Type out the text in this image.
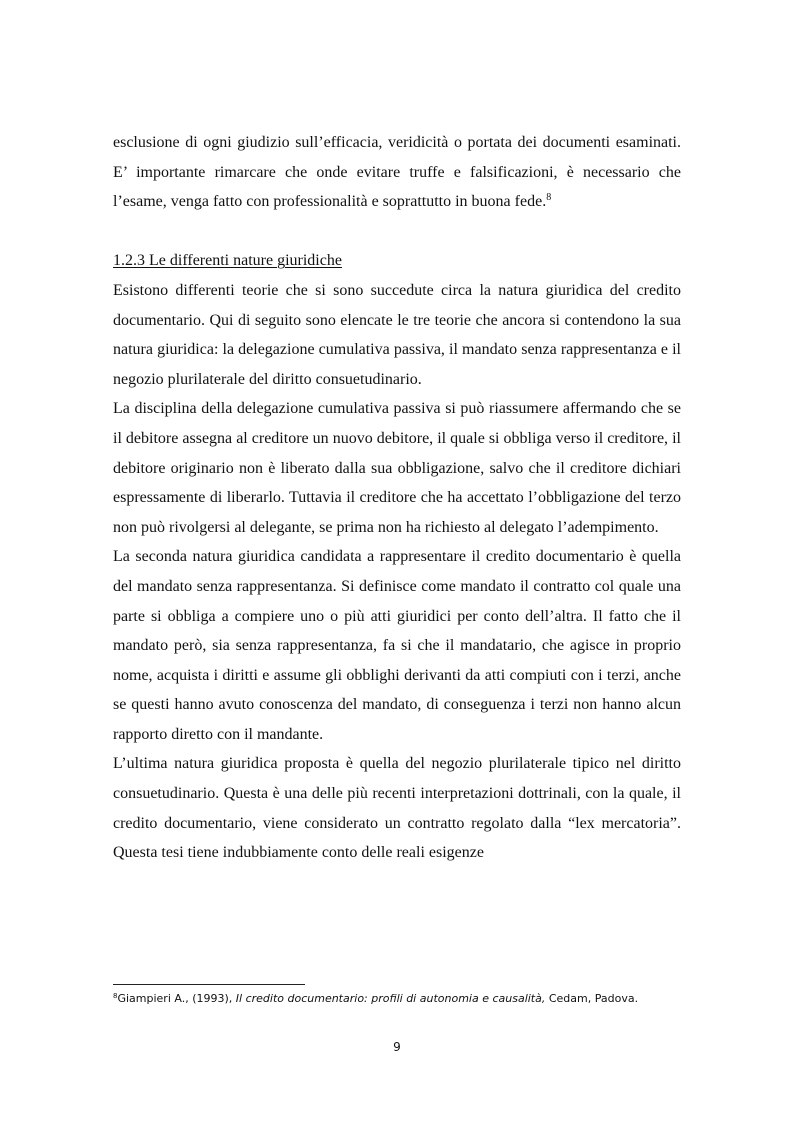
esclusione di ogni giudizio sull’efficacia, veridicità o portata dei documenti esaminati. E’ importante rimarcare che onde evitare truffe e falsificazioni, è necessario che l’esame, venga fatto con professionalità e soprattutto in buona fede.$^8$

1.2.3 Le differenti nature giuridiche

Esistono differenti teorie che si sono succedute circa la natura giuridica del credito documentario. Qui di seguito sono elencate le tre teorie che ancora si contendono la sua natura giuridica: la delegazione cumulativa passiva, il mandato senza rappresentanza e il negozio plurilaterale del diritto consuetudinario.

La disciplina della delegazione cumulativa passiva si può riassumere affermando che se il debitore assegna al creditore un nuovo debitore, il quale si obbliga verso il creditore, il debitore originario non è liberato dalla sua obbligazione, salvo che il creditore dichiari espressamente di liberarlo. Tuttavia il creditore che ha accettato l’obbligazione del terzo non può rivolgersi al delegante, se prima non ha richiesto al delegato l’adempimento.

La seconda natura giuridica candidata a rappresentare il credito documentario è quella del mandato senza rappresentanza. Si definisce come mandato il contratto col quale una parte si obbliga a compiere uno o più atti giuridici per conto dell’altra. Il fatto che il mandato però, sia senza rappresentanza, fa si che il mandatario, che agisce in proprio nome, acquista i diritti e assume gli obblighi derivanti da atti compiuti con i terzi, anche se questi hanno avuto conoscenza del mandato, di conseguenza i terzi non hanno alcun rapporto diretto con il mandante.

L’ultima natura giuridica proposta è quella del negozio plurilaterale tipico nel diritto consuetudinario. Questa è una delle più recenti interpretazioni dottrinali, con la quale, il credito documentario, viene considerato un contratto regolato dalla “lex mercatoria”. Questa tesi tiene indubbiamente conto delle reali esigenze

$^8$Giampieri A., (1993), Il credito documentario: profili di autonomia e causalità, Cedam, Padova.
9
